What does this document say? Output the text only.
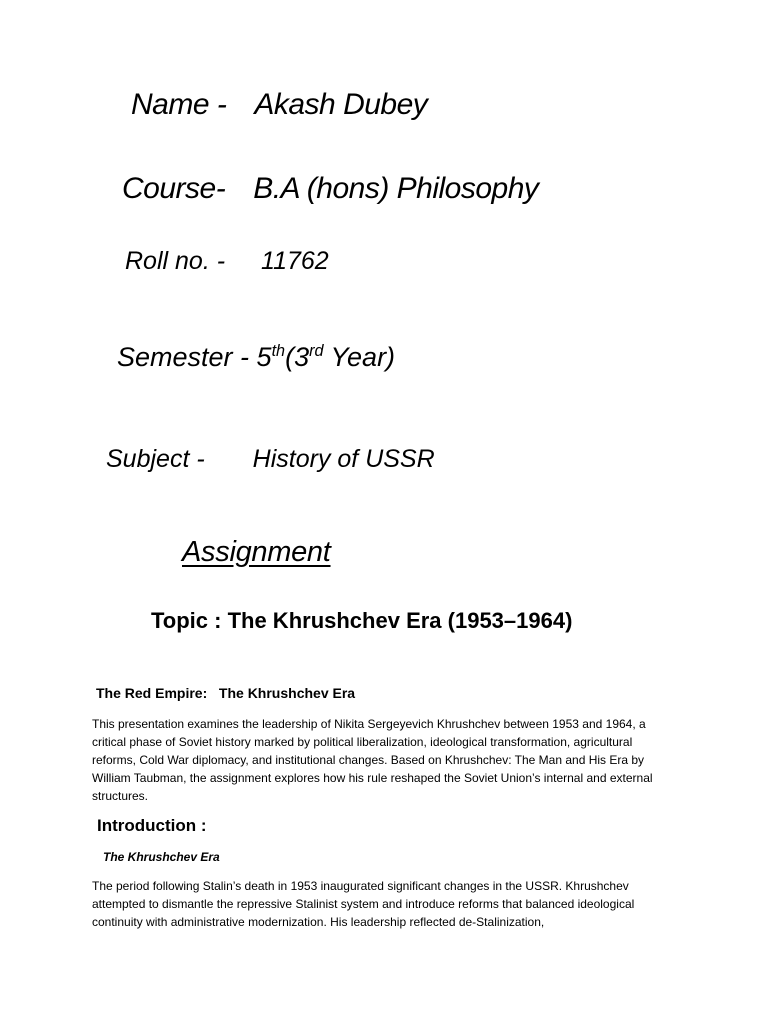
Name - Akash Dubey
Course- B.A (hons) Philosophy
Roll no. - 11762
Semester - 5th(3rd Year)
Subject - History of USSR
Assignment
Topic : The Khrushchev Era (1953–1964)
The Red Empire:   The Khrushchev Era
This presentation examines the leadership of Nikita Sergeyevich Khrushchev between 1953 and 1964, a critical phase of Soviet history marked by political liberalization, ideological transformation, agricultural reforms, Cold War diplomacy, and institutional changes. Based on Khrushchev: The Man and His Era by William Taubman, the assignment explores how his rule reshaped the Soviet Union’s internal and external structures.
Introduction :
The Khrushchev Era
The period following Stalin’s death in 1953 inaugurated significant changes in the USSR. Khrushchev attempted to dismantle the repressive Stalinist system and introduce reforms that balanced ideological continuity with administrative modernization. His leadership reflected de-Stalinization,
